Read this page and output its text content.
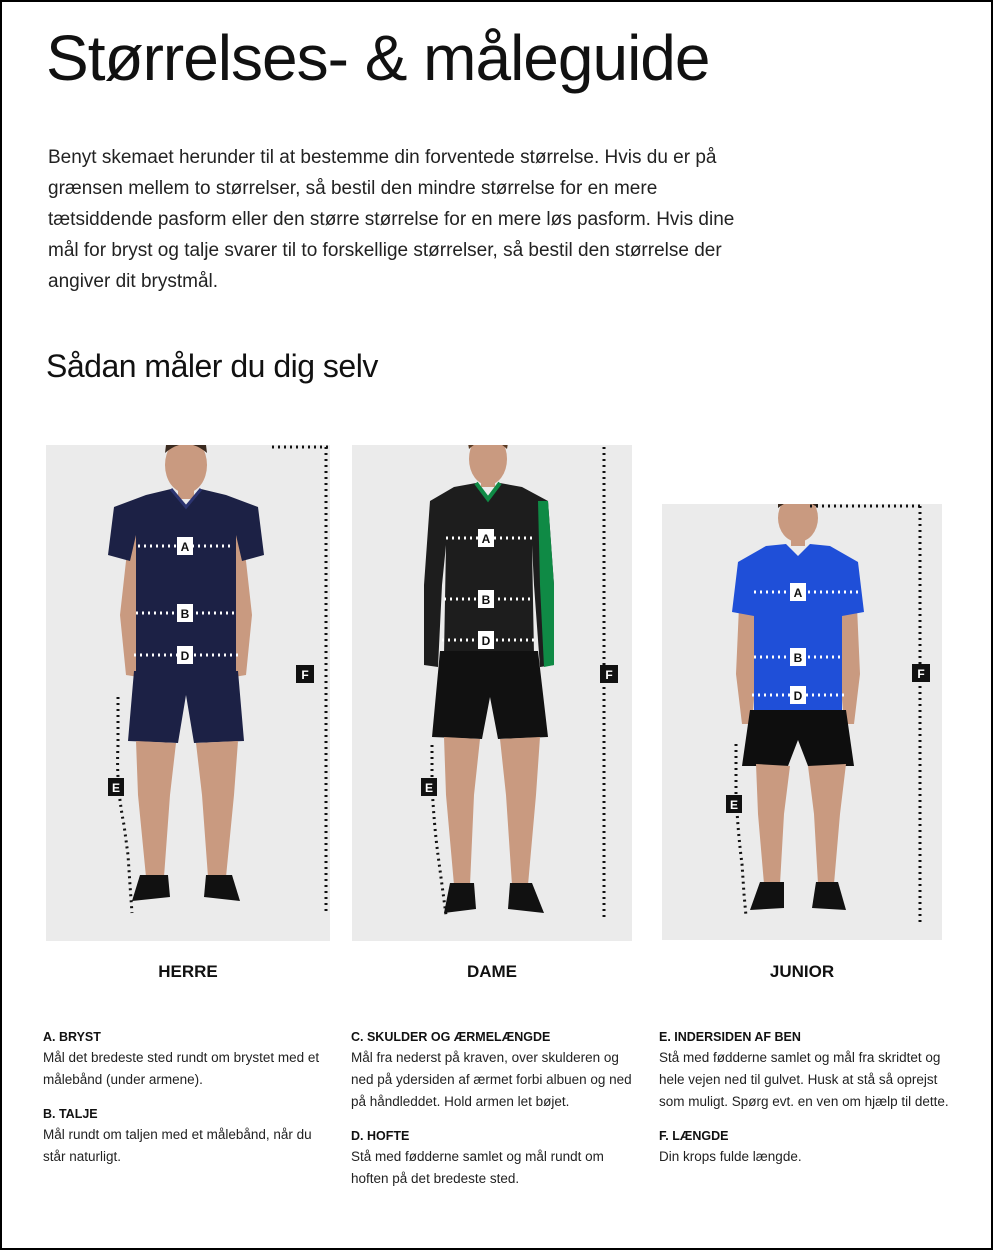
Størrelses- & måleguide

Benyt skemaet herunder til at bestemme din forventede størrelse. Hvis du er på grænsen mellem to størrelser, så bestil den mindre størrelse for en mere tætsiddende pasform eller den større størrelse for en mere løs pasform. Hvis dine mål for bryst og talje svarer til to forskellige størrelser, så bestil den størrelse der angiver dit brystmål.

Sådan måler du dig selv
A
B
D
E
F
A
B
D
E
F
A
B
D
E
F
HERRE	DAME	JUNIOR
A. BRYST
Mål det bredeste sted rundt om brystet med et målebånd (under armene).
B. TALJE
Mål rundt om taljen med et målebånd, når du står naturligt.
C. SKULDER OG ÆRMELÆNGDE
Mål fra nederst på kraven, over skulderen og ned på ydersiden af ærmet forbi albuen og ned på håndleddet. Hold armen let bøjet.
D. HOFTE
Stå med fødderne samlet og mål rundt om hoften på det bredeste sted.
E. INDERSIDEN AF BEN
Stå med fødderne samlet og mål fra skridtet og hele vejen ned til gulvet. Husk at stå så oprejst som muligt. Spørg evt. en ven om hjælp til dette.
F. LÆNGDE
Din krops fulde længde.
